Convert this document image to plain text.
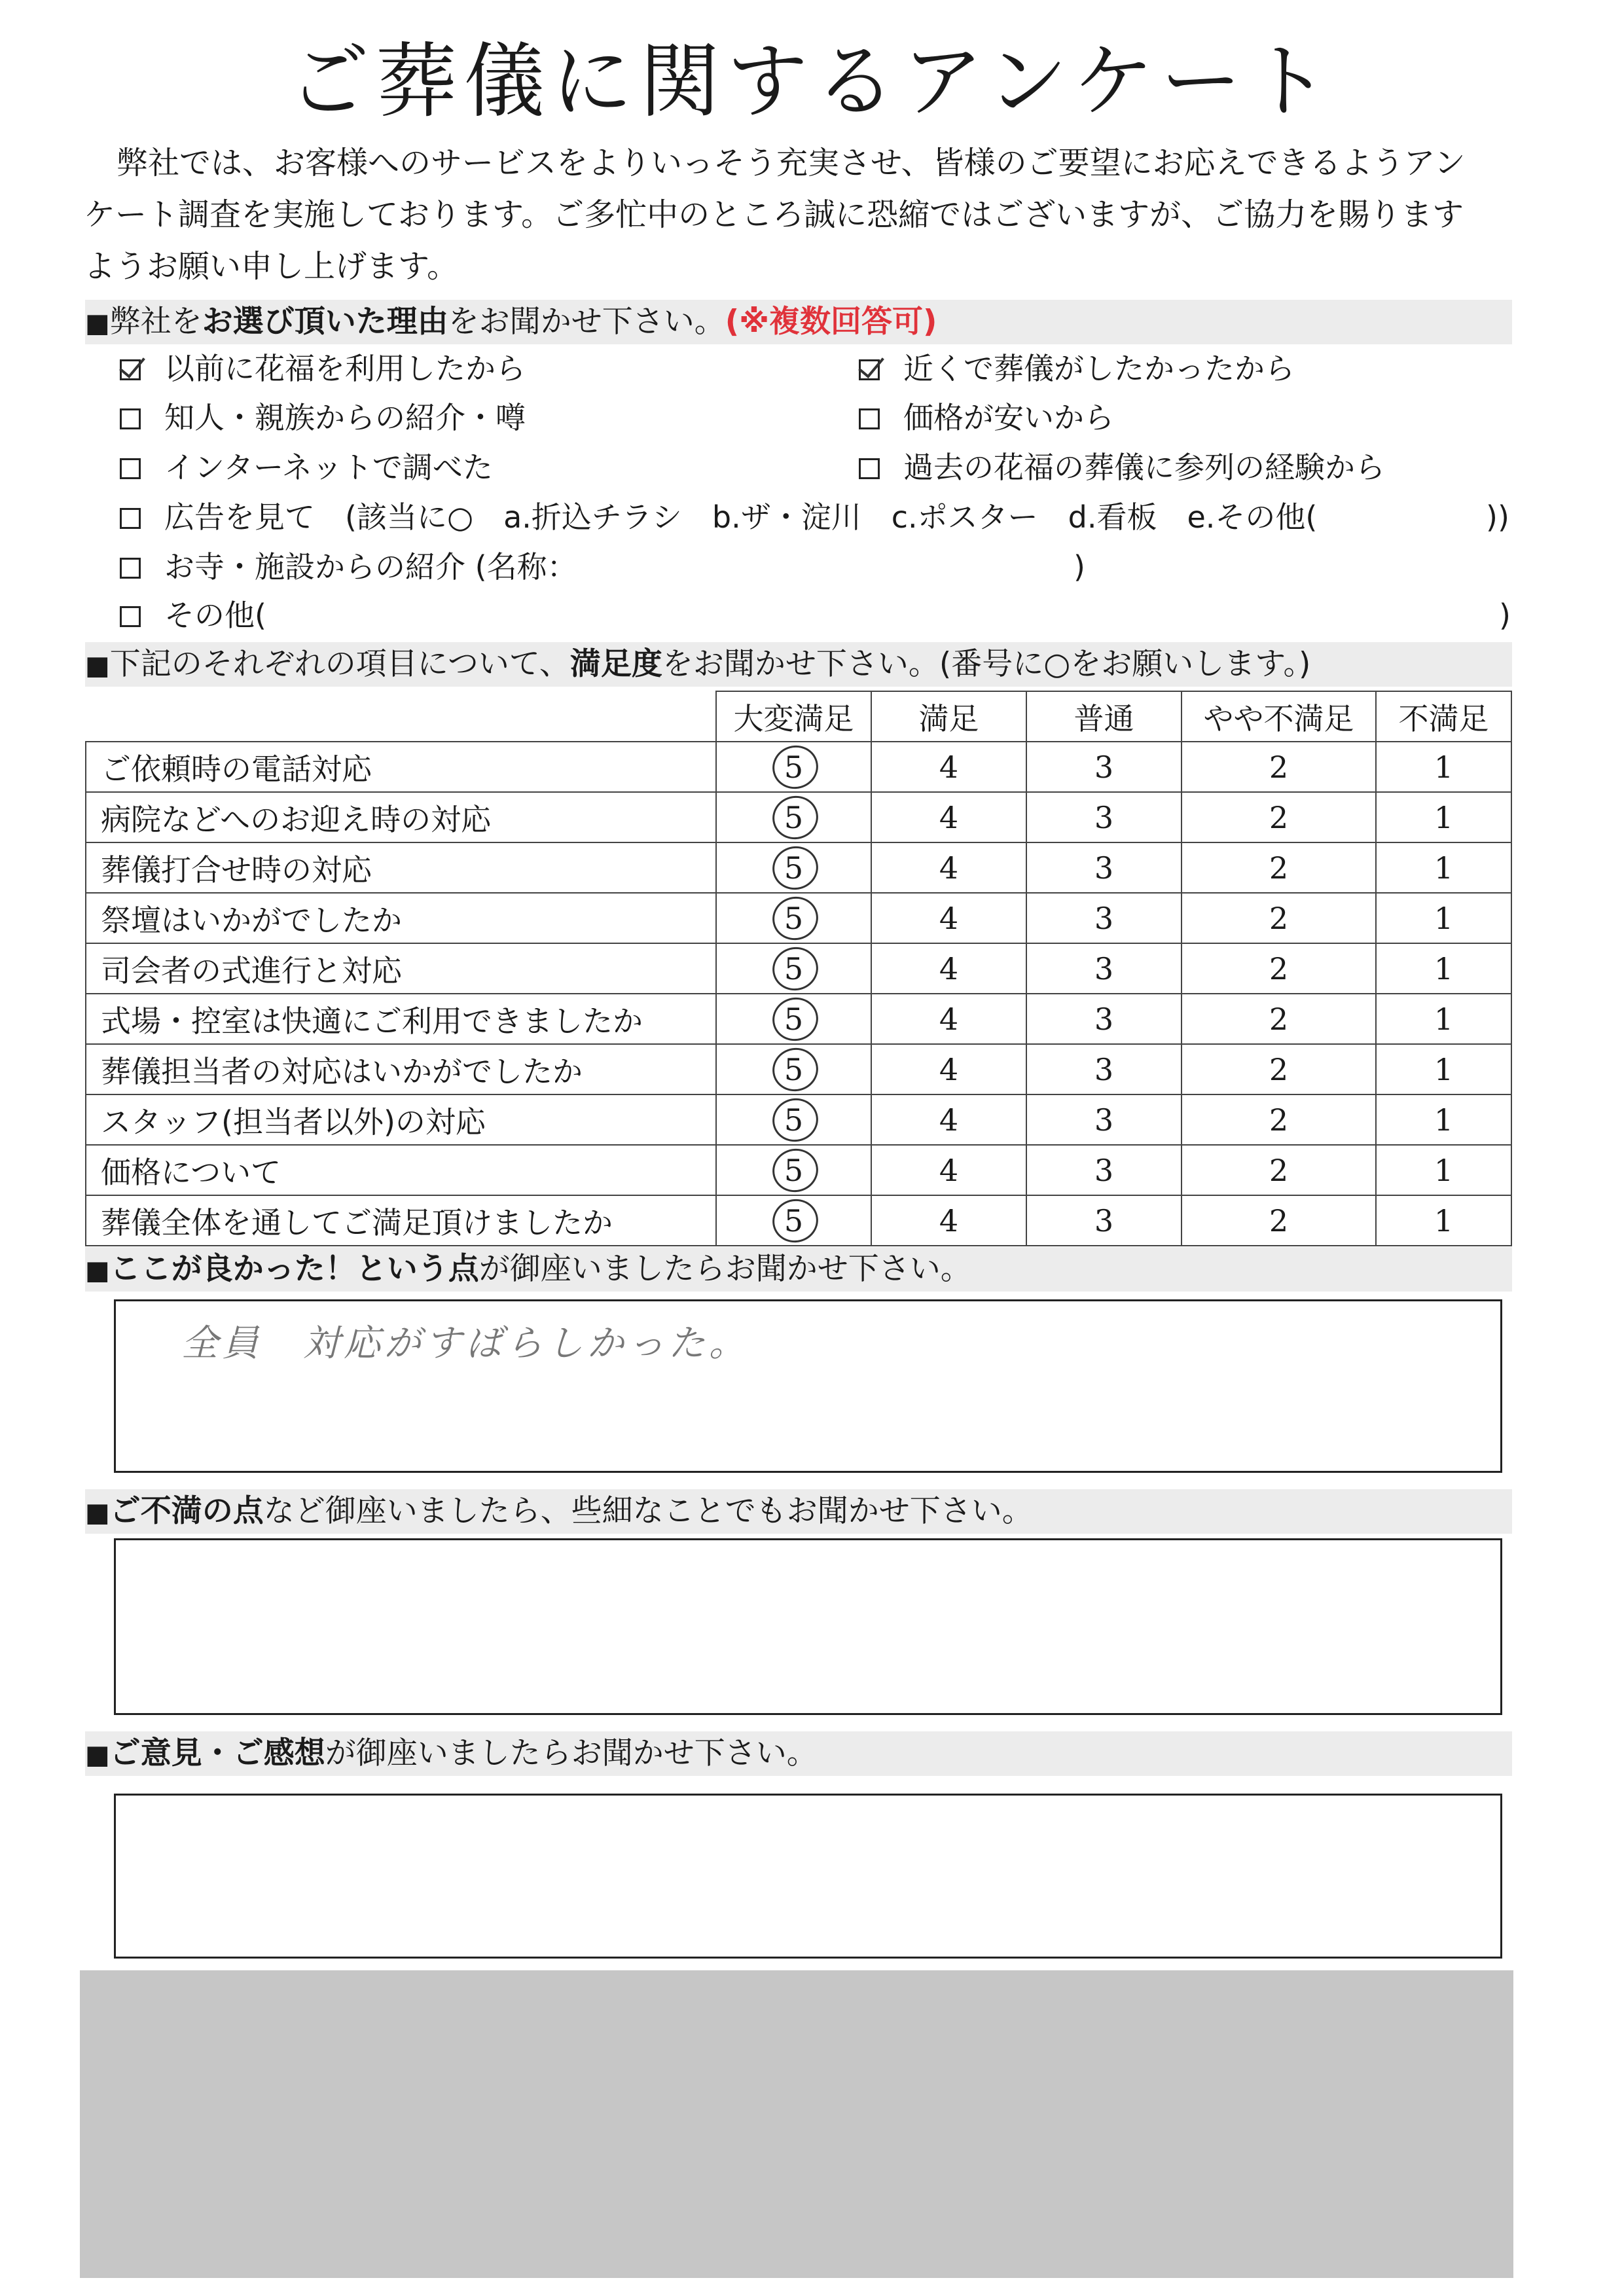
ご葬儀に関するアンケート

弊社では、お客様へのサービスをよりいっそう充実させ、皆様のご要望にお応えできるようアン

ケート調査を実施しております。ご多忙中のところ誠に恐縮ではございますが、ご協力を賜ります

ようお願い申し上げます。

■弊社をお選び頂いた理由をお聞かせ下さい。(※複数回答可)
以前に花福を利用したから	近くで葬儀がしたかったから
知人・親族からの紹介・噂	価格が安いから
インターネットで調べた	過去の花福の葬儀に参列の経験から
広告を見て　(該当に○　a.折込チラシ　b.ザ・淀川　c.ポスター　d.看板　e.その他(	))
お寺・施設からの紹介 (名称：	)
その他(	)
■下記のそれぞれの項目について、満足度をお聞かせ下さい。(番号に○をお願いします。)
	大変満足	満足	普通	やや不満足	不満足
ご依頼時の電話対応	5	4	3	2	1
病院などへのお迎え時の対応	5	4	3	2	1
葬儀打合せ時の対応	5	4	3	2	1
祭壇はいかがでしたか	5	4	3	2	1
司会者の式進行と対応	5	4	3	2	1
式場・控室は快適にご利用できましたか	5	4	3	2	1
葬儀担当者の対応はいかがでしたか	5	4	3	2	1
スタッフ(担当者以外)の対応	5	4	3	2	1
価格について	5	4	3	2	1
葬儀全体を通してご満足頂けましたか	5	4	3	2	1
■ここが良かった！という点が御座いましたらお聞かせ下さい。
全員　対応がすばらしかった。
■ご不満の点など御座いましたら、些細なことでもお聞かせ下さい。
■ご意見・ご感想が御座いましたらお聞かせ下さい。
